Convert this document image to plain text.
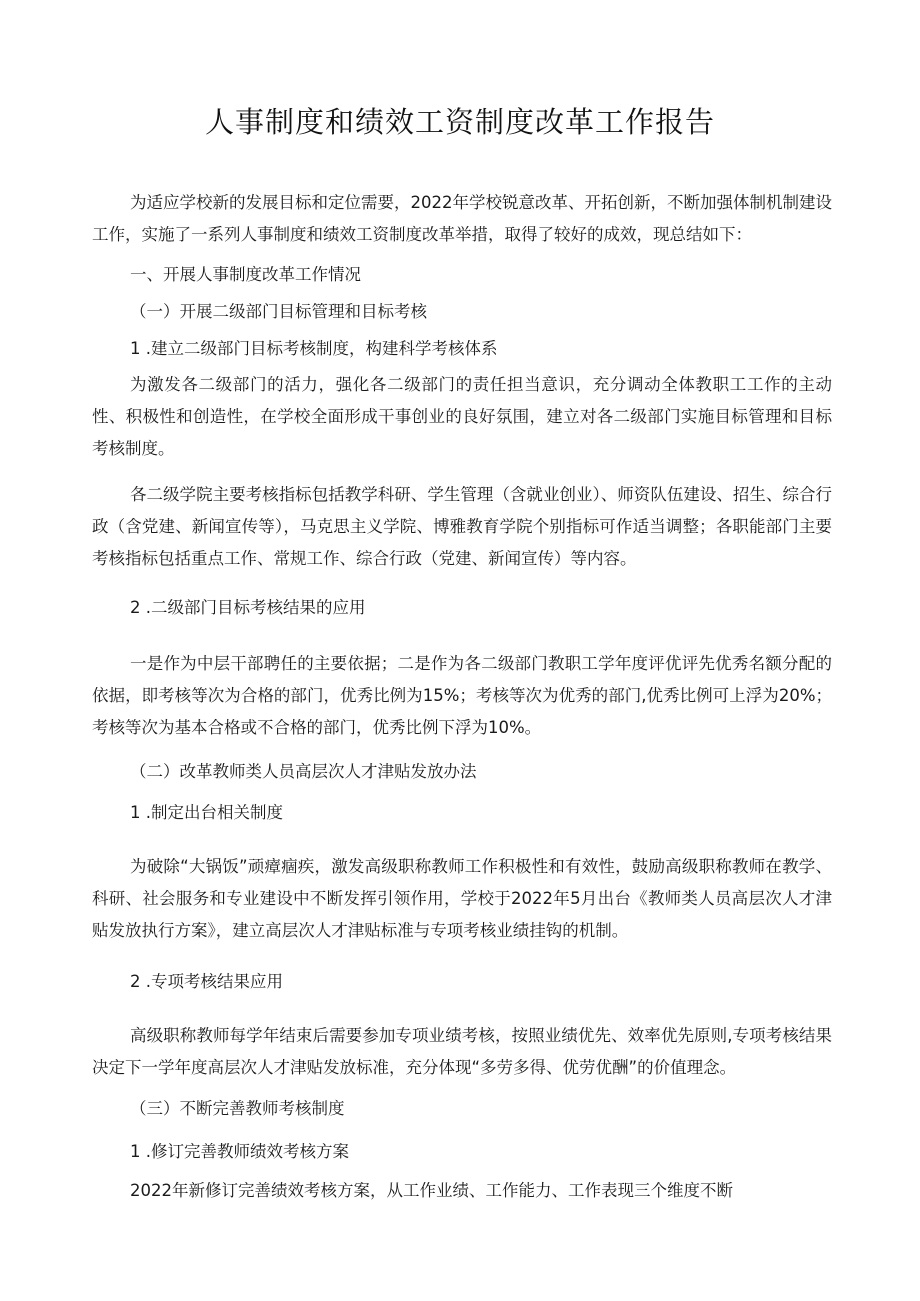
人事制度和绩效工资制度改革工作报告

为适应学校新的发展目标和定位需要，2022年学校锐意改革、开拓创新，不断加强体制机制建设工作，实施了一系列人事制度和绩效工资制度改革举措，取得了较好的成效，现总结如下：

一、开展人事制度改革工作情况

（一）开展二级部门目标管理和目标考核

1 .建立二级部门目标考核制度，构建科学考核体系

为激发各二级部门的活力，强化各二级部门的责任担当意识，充分调动全体教职工工作的主动性、积极性和创造性，在学校全面形成干事创业的良好氛围，建立对各二级部门实施目标管理和目标考核制度。

各二级学院主要考核指标包括教学科研、学生管理（含就业创业）、师资队伍建设、招生、综合行政（含党建、新闻宣传等），马克思主义学院、博雅教育学院个别指标可作适当调整；各职能部门主要考核指标包括重点工作、常规工作、综合行政（党建、新闻宣传）等内容。

2 .二级部门目标考核结果的应用

一是作为中层干部聘任的主要依据；二是作为各二级部门教职工学年度评优评先优秀名额分配的依据，即考核等次为合格的部门，优秀比例为15%；考核等次为优秀的部门,优秀比例可上浮为20%；考核等次为基本合格或不合格的部门，优秀比例下浮为10%。

（二）改革教师类人员高层次人才津贴发放办法

1 .制定出台相关制度

为破除“大锅饭”顽瘴痼疾，激发高级职称教师工作积极性和有效性，鼓励高级职称教师在教学、科研、社会服务和专业建设中不断发挥引领作用，学校于2022年5月出台《教师类人员高层次人才津贴发放执行方案》，建立高层次人才津贴标准与专项考核业绩挂钩的机制。

2 .专项考核结果应用

高级职称教师每学年结束后需要参加专项业绩考核，按照业绩优先、效率优先原则,专项考核结果决定下一学年度高层次人才津贴发放标准，充分体现“多劳多得、优劳优酬”的价值理念。

（三）不断完善教师考核制度

1 .修订完善教师绩效考核方案

2022年新修订完善绩效考核方案，从工作业绩、工作能力、工作表现三个维度不断
